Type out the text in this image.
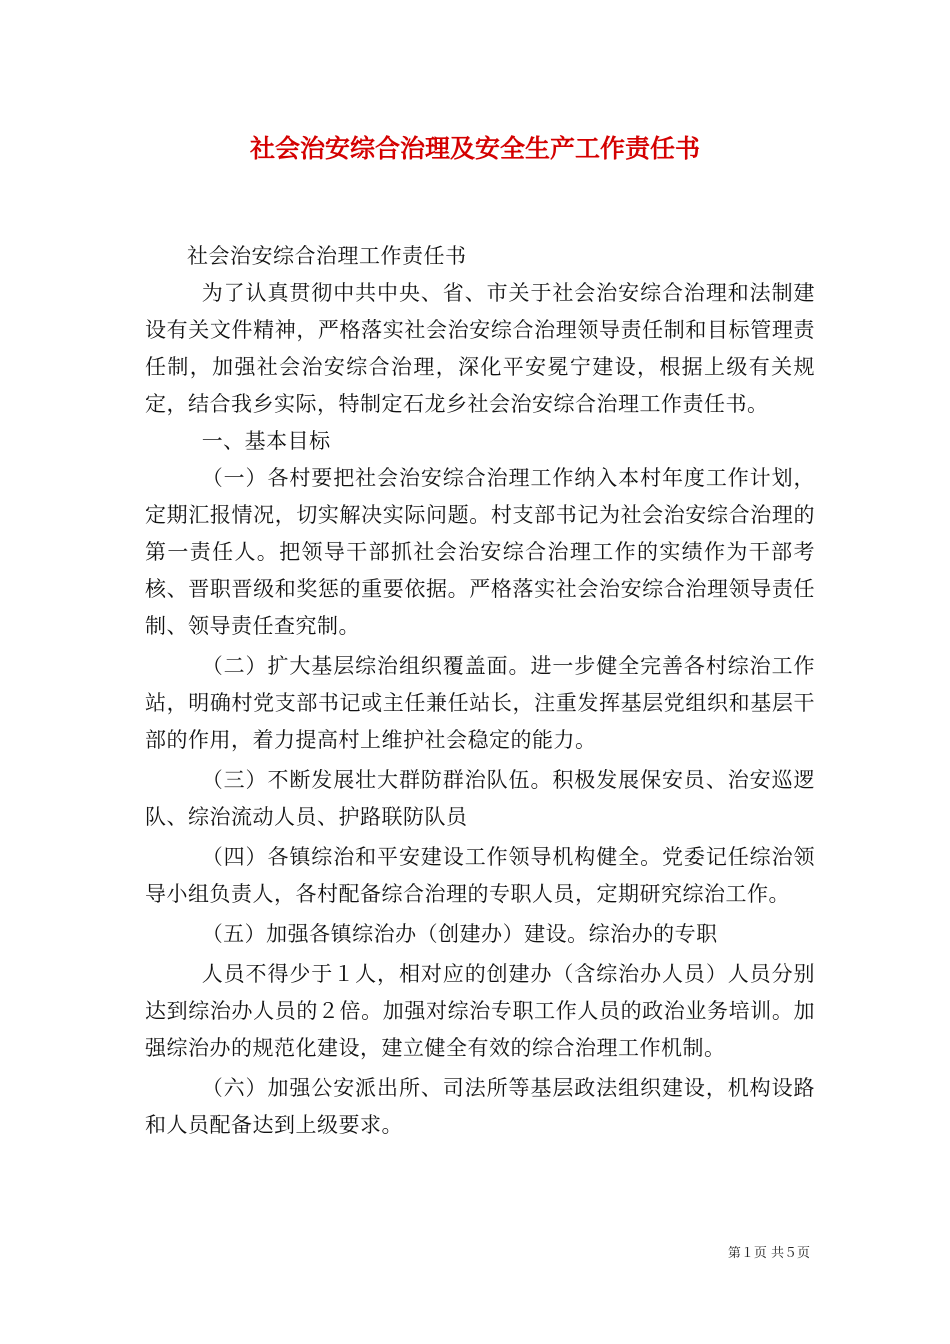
社会治安综合治理及安全生产工作责任书

社会治安综合治理工作责任书

为了认真贯彻中共中央、省、市关于社会治安综合治理和法制建设有关文件精神，严格落实社会治安综合治理领导责任制和目标管理责任制，加强社会治安综合治理，深化平安冕宁建设，根据上级有关规定，结合我乡实际，特制定石龙乡社会治安综合治理工作责任书。

一、基本目标

（一）各村要把社会治安综合治理工作纳入本村年度工作计划，定期汇报情况，切实解决实际问题。村支部书记为社会治安综合治理的第一责任人。把领导干部抓社会治安综合治理工作的实绩作为干部考核、晋职晋级和奖惩的重要依据。严格落实社会治安综合治理领导责任制、领导责任查究制。

（二）扩大基层综治组织覆盖面。进一步健全完善各村综治工作站，明确村党支部书记或主任兼任站长，注重发挥基层党组织和基层干部的作用，着力提高村上维护社会稳定的能力。

（三）不断发展壮大群防群治队伍。积极发展保安员、治安巡逻队、综治流动人员、护路联防队员

（四）各镇综治和平安建设工作领导机构健全。党委记任综治领导小组负责人，各村配备综合治理的专职人员，定期研究综治工作。

（五）加强各镇综治办（创建办）建设。综治办的专职

人员不得少于１人，相对应的创建办（含综治办人员）人员分别达到综治办人员的２倍。加强对综治专职工作人员的政治业务培训。加强综治办的规范化建设，建立健全有效的综合治理工作机制。

（六）加强公安派出所、司法所等基层政法组织建设，机构设路和人员配备达到上级要求。

第１页 共５页
